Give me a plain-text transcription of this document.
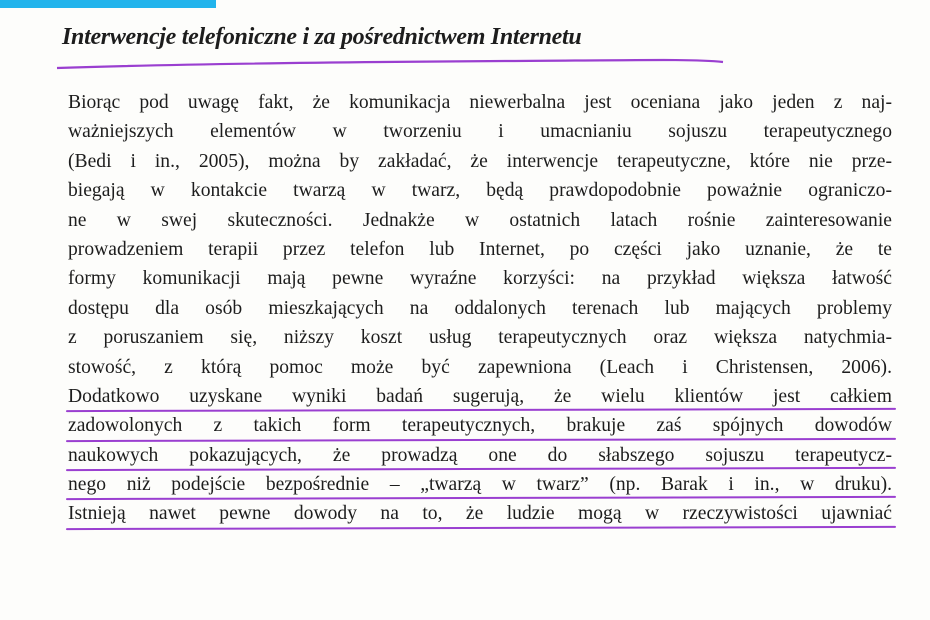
Interwencje telefoniczne i za pośrednictwem Internetu
Biorąc pod uwagę fakt, że komunikacja niewerbalna jest oceniana jako jeden z naj-
ważniejszych elementów w tworzeniu i umacnianiu sojuszu terapeutycznego
(Bedi i in., 2005), można by zakładać, że interwencje terapeutyczne, które nie prze-
biegają w kontakcie twarzą w twarz, będą prawdopodobnie poważnie ograniczo-
ne w swej skuteczności. Jednakże w ostatnich latach rośnie zainteresowanie
prowadzeniem terapii przez telefon lub Internet, po części jako uznanie, że te
formy komunikacji mają pewne wyraźne korzyści: na przykład większa łatwość
dostępu dla osób mieszkających na oddalonych terenach lub mających problemy
z poruszaniem się, niższy koszt usług terapeutycznych oraz większa natychmia-
stowość, z którą pomoc może być zapewniona (Leach i Christensen, 2006).
Dodatkowo uzyskane wyniki badań sugerują, że wielu klientów jest całkiem
zadowolonych z takich form terapeutycznych, brakuje zaś spójnych dowodów
naukowych pokazujących, że prowadzą one do słabszego sojuszu terapeutycz-
nego niż podejście bezpośrednie – „twarzą w twarz” (np. Barak i in., w druku).
Istnieją nawet pewne dowody na to, że ludzie mogą w rzeczywistości ujawniać
